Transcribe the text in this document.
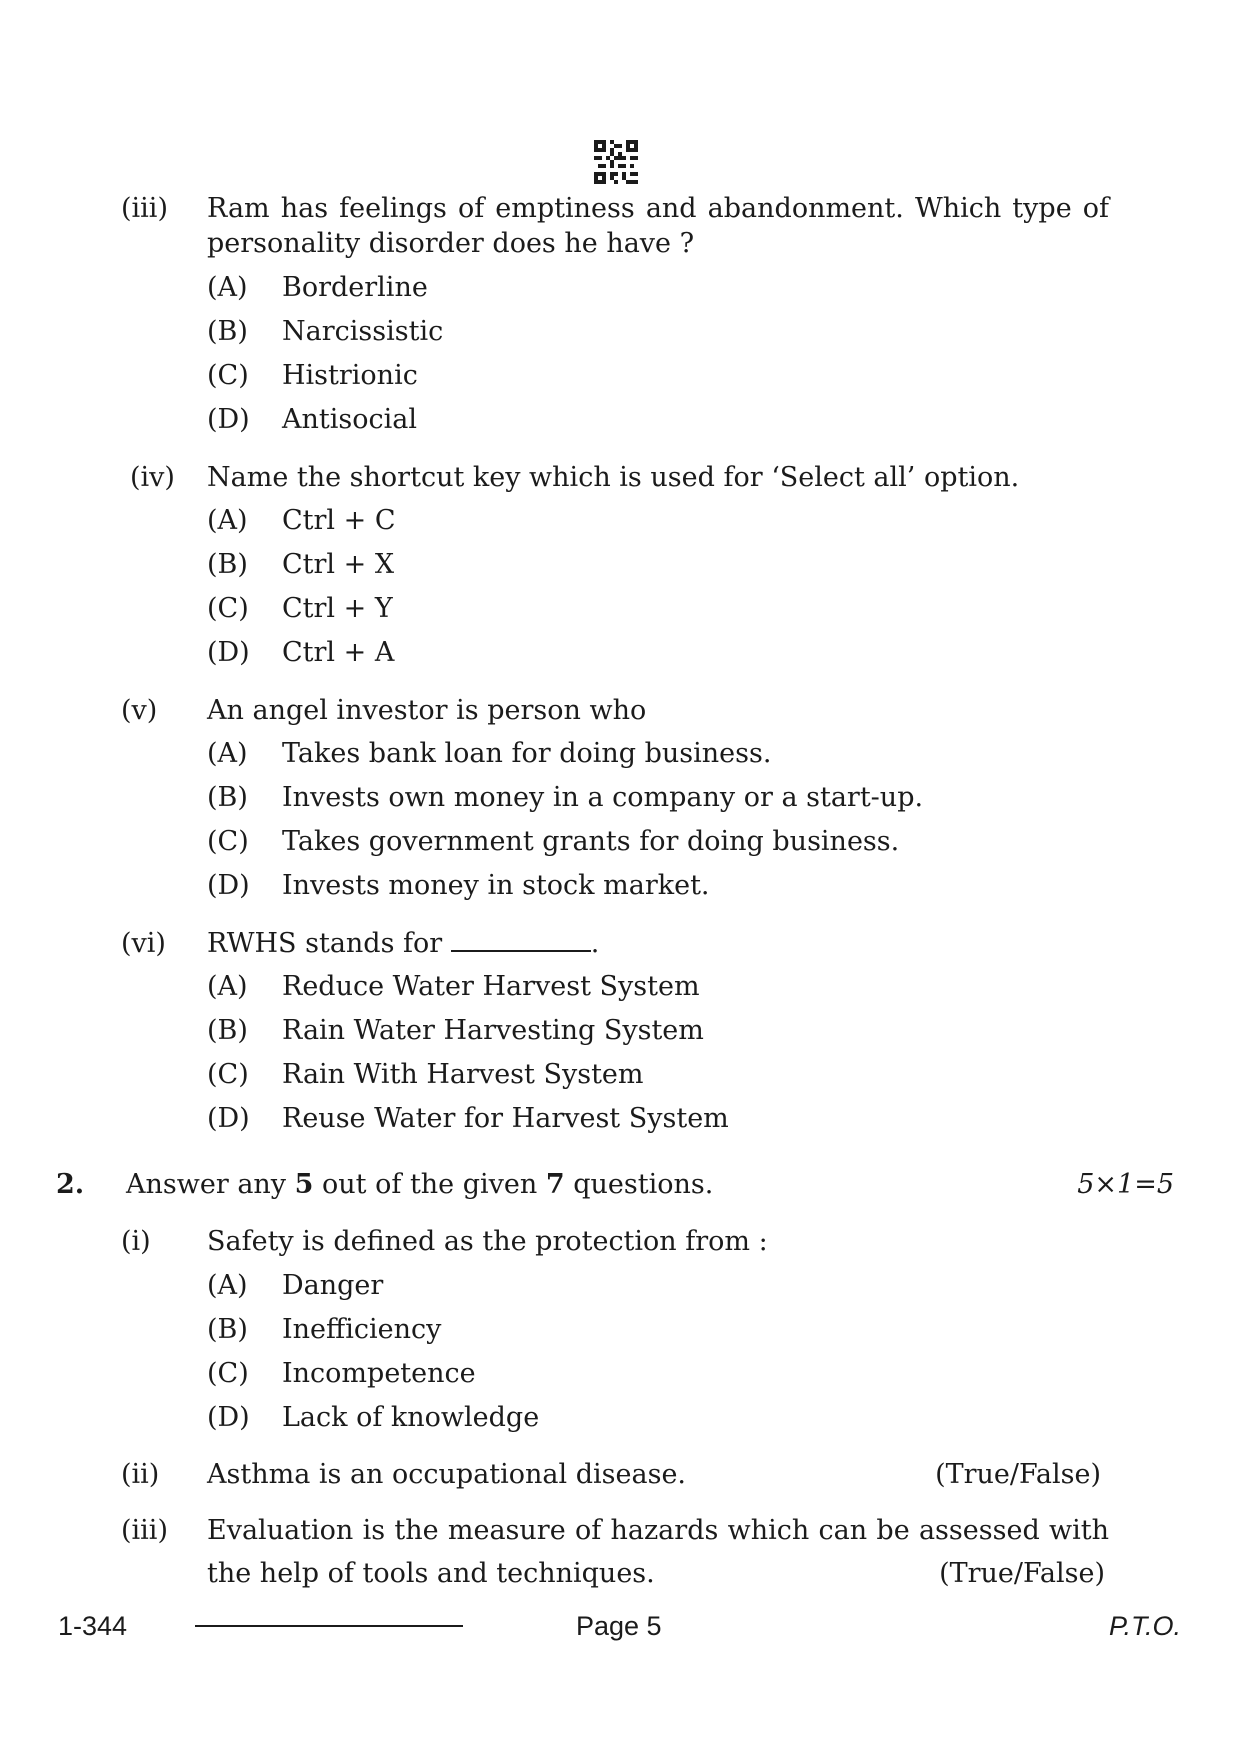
(iii) Ram has feelings of emptiness and abandonment. Which type of
personality disorder does he have ?
(A) Borderline
(B) Narcissistic
(C) Histrionic
(D) Antisocial
(iv) Name the shortcut key which is used for ‘Select all’ option.
(A) Ctrl + C
(B) Ctrl + X
(C) Ctrl + Y
(D) Ctrl + A
(v) An angel investor is person who
(A) Takes bank loan for doing business.
(B) Invests own money in a company or a start-up.
(C) Takes government grants for doing business.
(D) Invests money in stock market.
(vi) RWHS stands for	.
(A) Reduce Water Harvest System
(B) Rain Water Harvesting System
(C) Rain With Harvest System
(D) Reuse Water for Harvest System
2. Answer any 5 out of the given 7 questions.	5×1=5
(i) Safety is defined as the protection from :
(A) Danger
(B) Inefficiency
(C) Incompetence
(D) Lack of knowledge
(ii) Asthma is an occupational disease.	(True/False)
(iii) Evaluation is the measure of hazards which can be assessed with
the help of tools and techniques.	(True/False)
1-344	Page 5	P.T.O.
